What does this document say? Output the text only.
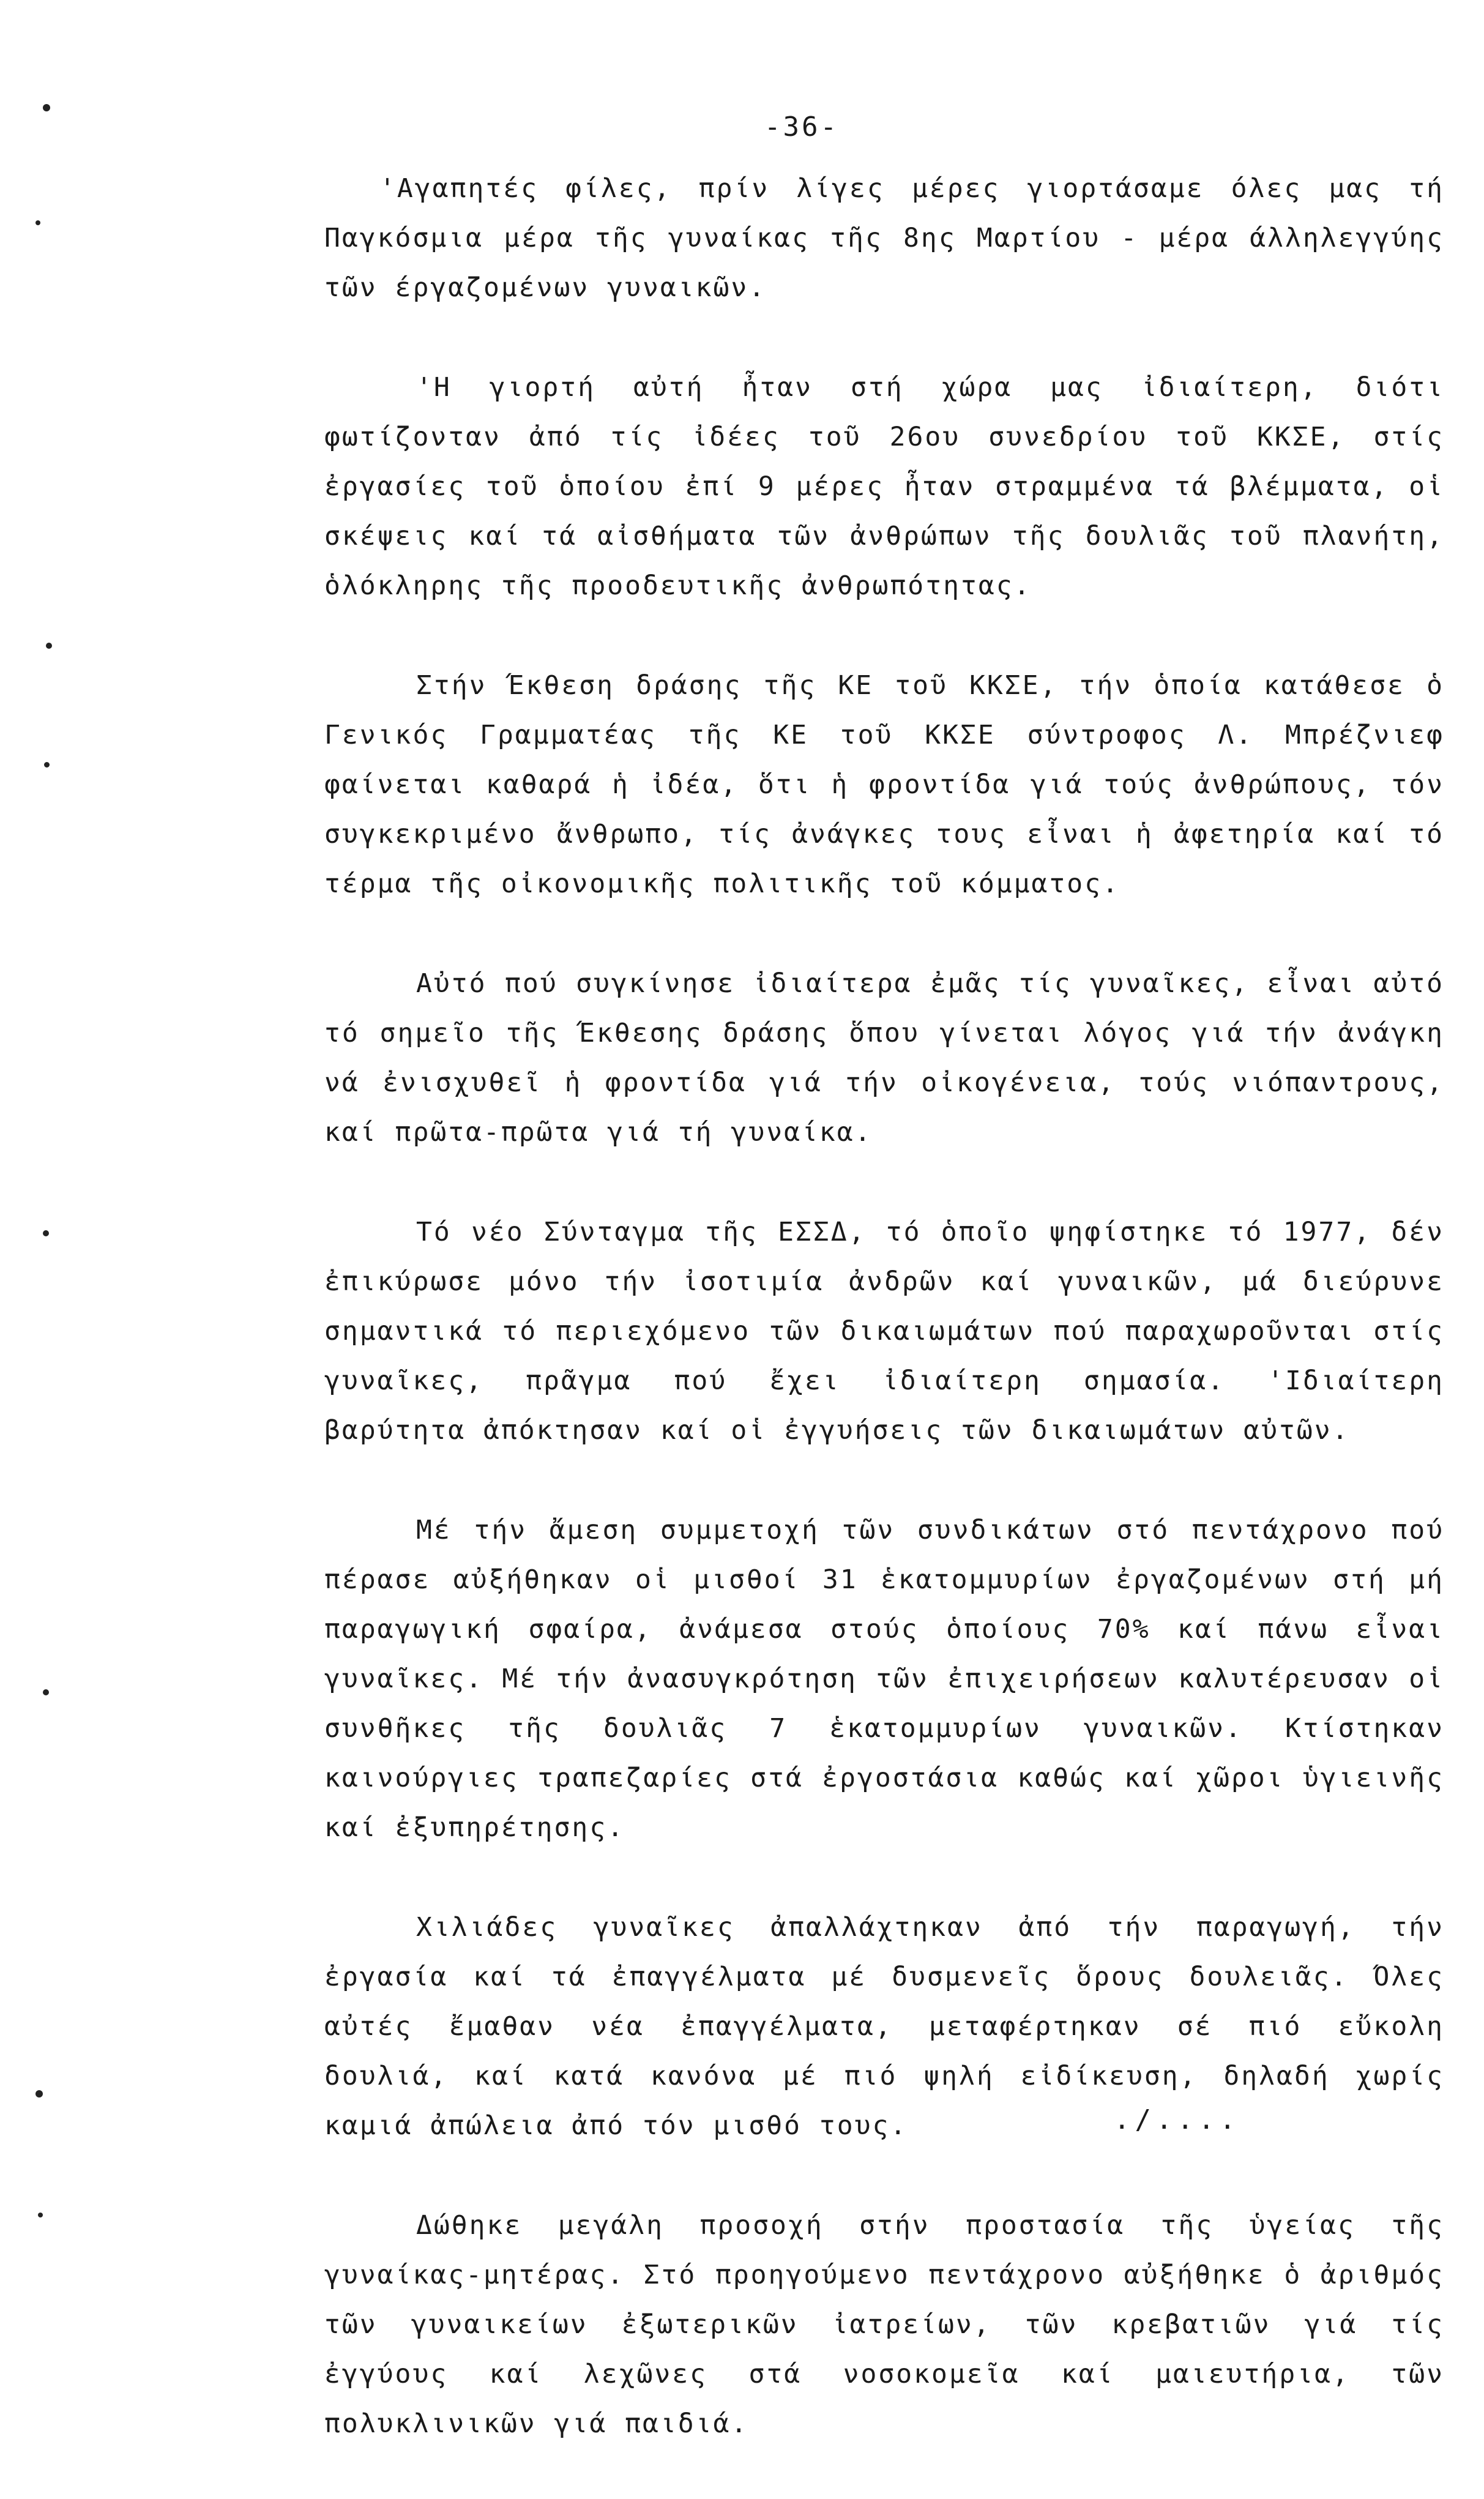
-36-

'Αγαπητές φίλες, πρίν λίγες μέρες γιορτάσαμε όλες μας τή Παγκόσμια μέρα τῆς γυναίκας τῆς 8ης Μαρτίου - μέρα άλληλεγγύης τῶν έργαζομένων γυναικῶν.

'Η γιορτή αὐτή ἦταν στή χώρα μας ἰδιαίτερη, διότι φωτίζονταν ἀπό τίς ἰδέες τοῦ 26ου συνεδρίου τοῦ ΚΚΣΕ, στίς ἐργασίες τοῦ ὁποίου ἐπί 9 μέρες ἦταν στραμμένα τά βλέμματα, οἱ σκέψεις καί τά αἰσθήματα τῶν ἀνθρώπων τῆς δουλιᾶς τοῦ πλανήτη, ὁλόκληρης τῆς προοδευτικῆς ἀνθρωπότητας.

Στήν Έκθεση δράσης τῆς ΚΕ τοῦ ΚΚΣΕ, τήν ὁποία κατάθεσε ὁ Γενικός Γραμματέας τῆς ΚΕ τοῦ ΚΚΣΕ σύντροφος Λ. Μπρέζνιεφ φαίνεται καθαρά ἡ ἰδέα, ὅτι ἡ φροντίδα γιά τούς ἀνθρώπους, τόν συγκεκριμένο ἄνθρωπο, τίς ἀνάγκες τους εἶναι ἡ ἀφετηρία καί τό τέρμα τῆς οἰκονομικῆς πολιτικῆς τοῦ κόμματος.

Αὐτό πού συγκίνησε ἰδιαίτερα ἐμᾶς τίς γυναῖκες, εἶναι αὐτό τό σημεῖο τῆς Έκθεσης δράσης ὅπου γίνεται λόγος γιά τήν ἀνάγκη νά ἐνισχυθεῖ ἡ φροντίδα γιά τήν οἰκογένεια, τούς νιόπαντρους, καί πρῶτα-πρῶτα γιά τή γυναίκα.

Τό νέο Σύνταγμα τῆς ΕΣΣΔ, τό ὁποῖο ψηφίστηκε τό 1977, δέν ἐπικύρωσε μόνο τήν ἰσοτιμία ἀνδρῶν καί γυναικῶν, μά διεύρυνε σημαντικά τό περιεχόμενο τῶν δικαιωμάτων πού παραχωροῦνται στίς γυναῖκες, πρᾶγμα πού ἔχει ἰδιαίτερη σημασία. 'Ιδιαίτερη βαρύτητα ἀπόκτησαν καί οἱ ἐγγυήσεις τῶν δικαιωμάτων αὐτῶν.

Μέ τήν ἄμεση συμμετοχή τῶν συνδικάτων στό πεντάχρονο πού πέρασε αὐξήθηκαν οἱ μισθοί 31 ἑκατομμυρίων ἐργαζομένων στή μή παραγωγική σφαίρα, ἀνάμεσα στούς ὁποίους 70% καί πάνω εἶναι γυναῖκες. Μέ τήν ἀνασυγκρότηση τῶν ἐπιχειρήσεων καλυτέρευσαν οἱ συνθῆκες τῆς δουλιᾶς 7 ἑκατομμυρίων γυναικῶν. Κτίστηκαν καινούργιες τραπεζαρίες στά ἐργοστάσια καθώς καί χῶροι ὑγιεινῆς καί ἐξυπηρέτησης.

Χιλιάδες γυναῖκες ἀπαλλάχτηκαν ἀπό τήν παραγωγή, τήν ἐργασία καί τά ἐπαγγέλματα μέ δυσμενεῖς ὅρους δουλειᾶς. Όλες αὐτές ἔμαθαν νέα ἐπαγγέλματα, μεταφέρτηκαν σέ πιό εὔκολη δουλιά, καί κατά κανόνα μέ πιό ψηλή εἰδίκευση, δηλαδή χωρίς καμιά ἀπώλεια ἀπό τόν μισθό τους.

Δώθηκε μεγάλη προσοχή στήν προστασία τῆς ὑγείας τῆς γυναίκας-μητέρας. Στό προηγούμενο πεντάχρονο αὐξήθηκε ὁ ἀριθμός τῶν γυναικείων ἐξωτερικῶν ἰατρείων, τῶν κρεβατιῶν γιά τίς ἐγγύους καί λεχῶνες στά νοσοκομεῖα καί μαιευτήρια, τῶν πολυκλινικῶν γιά παιδιά.

./....
